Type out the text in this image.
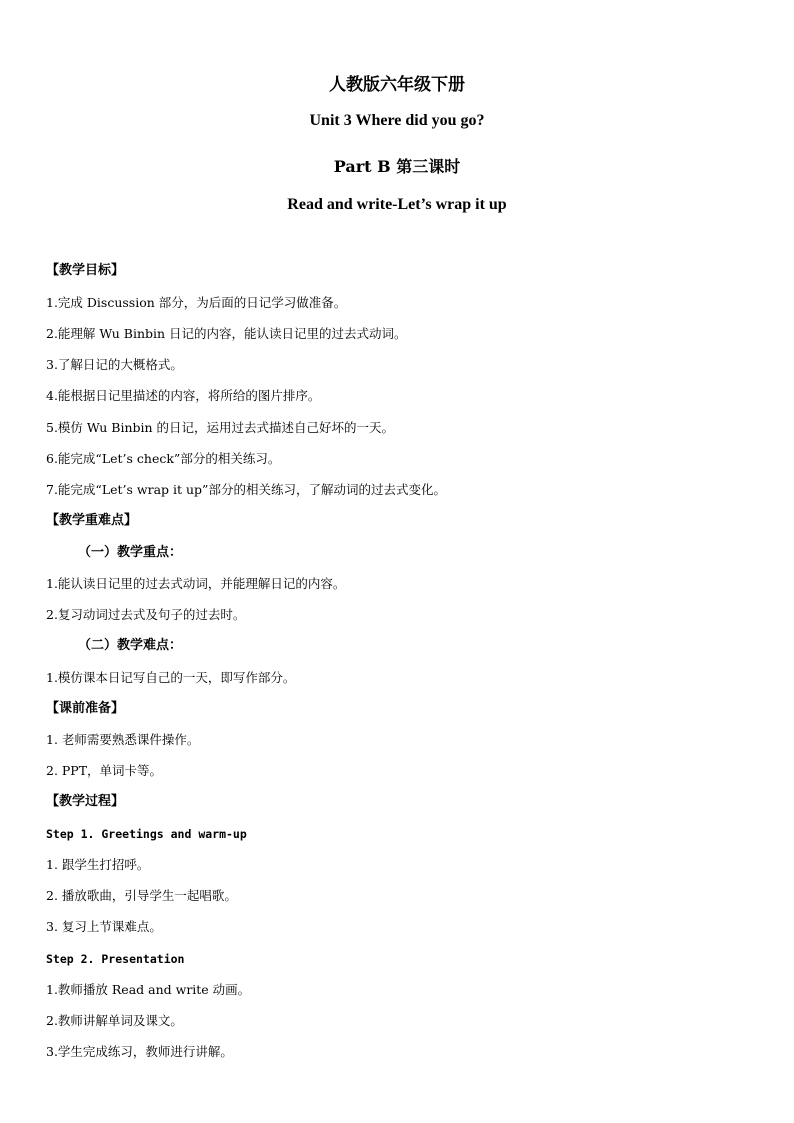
人教版六年级下册
Unit 3 Where did you go?
Part B 第三课时
Read and write-Let’s wrap it up
【教学目标】
1.完成 Discussion 部分，为后面的日记学习做准备。
2.能理解 Wu Binbin 日记的内容，能认读日记里的过去式动词。
3.了解日记的大概格式。
4.能根据日记里描述的内容，将所给的图片排序。
5.模仿 Wu Binbin 的日记，运用过去式描述自己好坏的一天。
6.能完成“Let’s check”部分的相关练习。
7.能完成“Let’s wrap it up”部分的相关练习，了解动词的过去式变化。
【教学重难点】
（一）教学重点：
1.能认读日记里的过去式动词，并能理解日记的内容。
2.复习动词过去式及句子的过去时。
（二）教学难点：
1.模仿课本日记写自己的一天，即写作部分。
【课前准备】
1. 老师需要熟悉课件操作。
2. PPT，单词卡等。
【教学过程】
Step 1. Greetings and warm-up
1. 跟学生打招呼。
2. 播放歌曲，引导学生一起唱歌。
3. 复习上节课难点。
Step 2. Presentation
1.教师播放 Read and write 动画。
2.教师讲解单词及课文。
3.学生完成练习，教师进行讲解。
